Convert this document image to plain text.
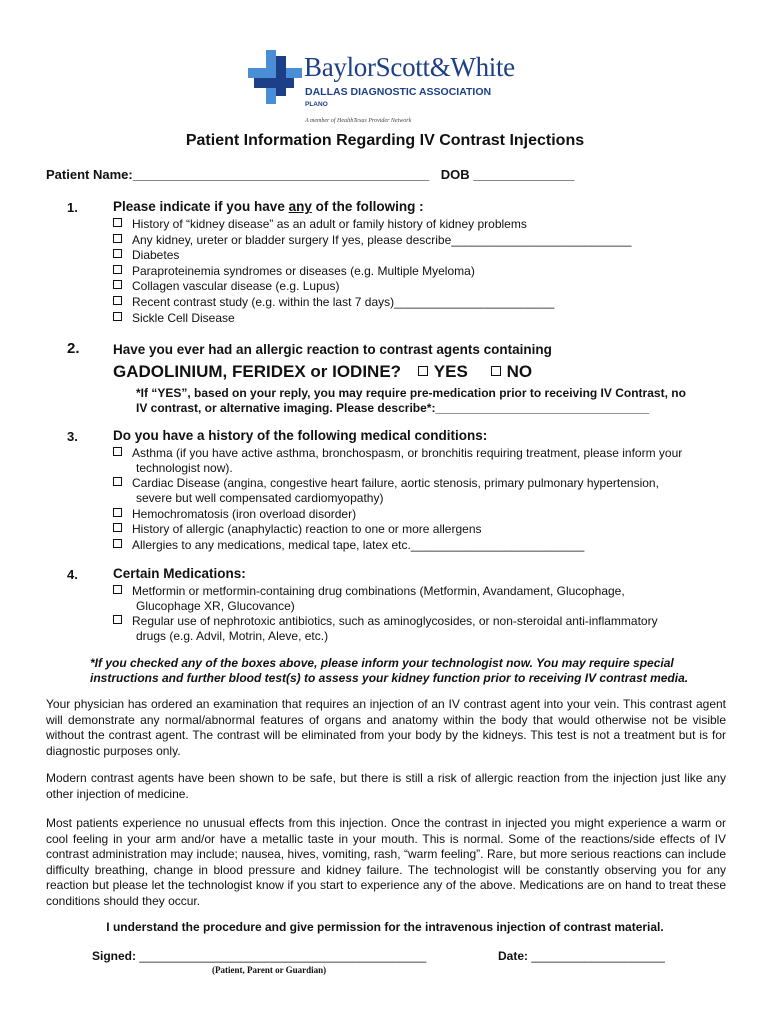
BaylorScott&White
DALLAS DIAGNOSTIC ASSOCIATION
PLANO
A member of HealthTexas Provider Network
Patient Information Regarding IV Contrast Injections
Patient Name:_________________________________________ DOB ______________
1.	Please indicate if you have any of the following :
History of “kidney disease” as an adult or family history of kidney problems
Any kidney, ureter or bladder surgery If yes, please describe___________________________
Diabetes
Paraproteinemia syndromes or diseases (e.g. Multiple Myeloma)
Collagen vascular disease (e.g. Lupus)
Recent contrast study (e.g. within the last 7 days)________________________
Sickle Cell Disease
2. Have you ever had an allergic reaction to contrast agents containing
GADOLINIUM, FERIDEX or IODINE? YES NO
*If “YES”, based on your reply, you may require pre-medication prior to receiving IV Contrast, no
IV contrast, or alternative imaging. Please describe*:________________________________
3.	Do you have a history of the following medical conditions:
Asthma (if you have active asthma, bronchospasm, or bronchitis requiring treatment, please inform your
technologist now).
Cardiac Disease (angina, congestive heart failure, aortic stenosis, primary pulmonary hypertension,
severe but well compensated cardiomyopathy)
Hemochromatosis (iron overload disorder)
History of allergic (anaphylactic) reaction to one or more allergens
Allergies to any medications, medical tape, latex etc.__________________________
4.	Certain Medications:
Metformin or metformin-containing drug combinations (Metformin, Avandament, Glucophage,
Glucophage XR, Glucovance)
Regular use of nephrotoxic antibiotics, such as aminoglycosides, or non-steroidal anti-inflammatory
drugs (e.g. Advil, Motrin, Aleve, etc.)
*If you checked any of the boxes above, please inform your technologist now. You may require special
instructions and further blood test(s) to assess your kidney function prior to receiving IV contrast media.
Your physician has ordered an examination that requires an injection of an IV contrast agent into your vein. This contrast agent will demonstrate any normal/abnormal features of organs and anatomy within the body that would otherwise not be visible without the contrast agent. The contrast will be eliminated from your body by the kidneys. This test is not a treatment but is for diagnostic purposes only.
Modern contrast agents have been shown to be safe, but there is still a risk of allergic reaction from the injection just like any other injection of medicine.
Most patients experience no unusual effects from this injection. Once the contrast in injected you might experience a warm or cool feeling in your arm and/or have a metallic taste in your mouth. This is normal. Some of the reactions/side effects of IV contrast administration may include; nausea, hives, vomiting, rash, “warm feeling”. Rare, but more serious reactions can include difficulty breathing, change in blood pressure and kidney failure. The technologist will be constantly observing you for any reaction but please let the technologist know if you start to experience any of the above. Medications are on hand to treat these conditions should they occur.
I understand the procedure and give permission for the intravenous injection of contrast material.
Signed: ___________________________________________	Date: ____________________
(Patient, Parent or Guardian)
